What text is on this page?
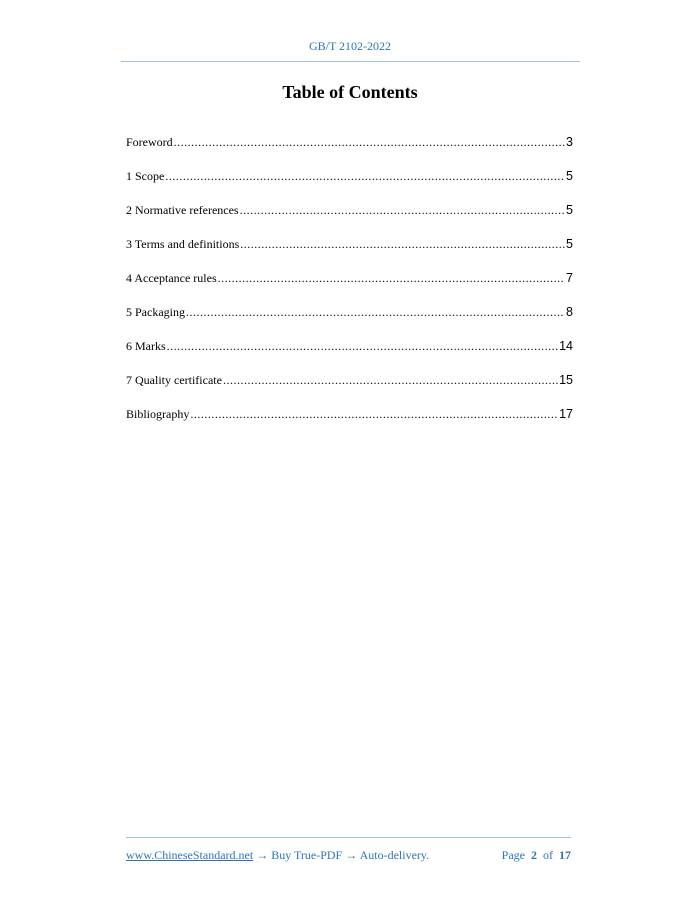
GB/T 2102-2022
Table of Contents
Foreword .....	3
1 Scope .....	5
2 Normative references .....	5
3 Terms and definitions .....	5
4 Acceptance rules .....	7
5 Packaging .....	8
6 Marks .....	14
7 Quality certificate .....	15
Bibliography .....	17
www.ChineseStandard.net → Buy True-PDF → Auto-delivery.	Page 2 of 17
